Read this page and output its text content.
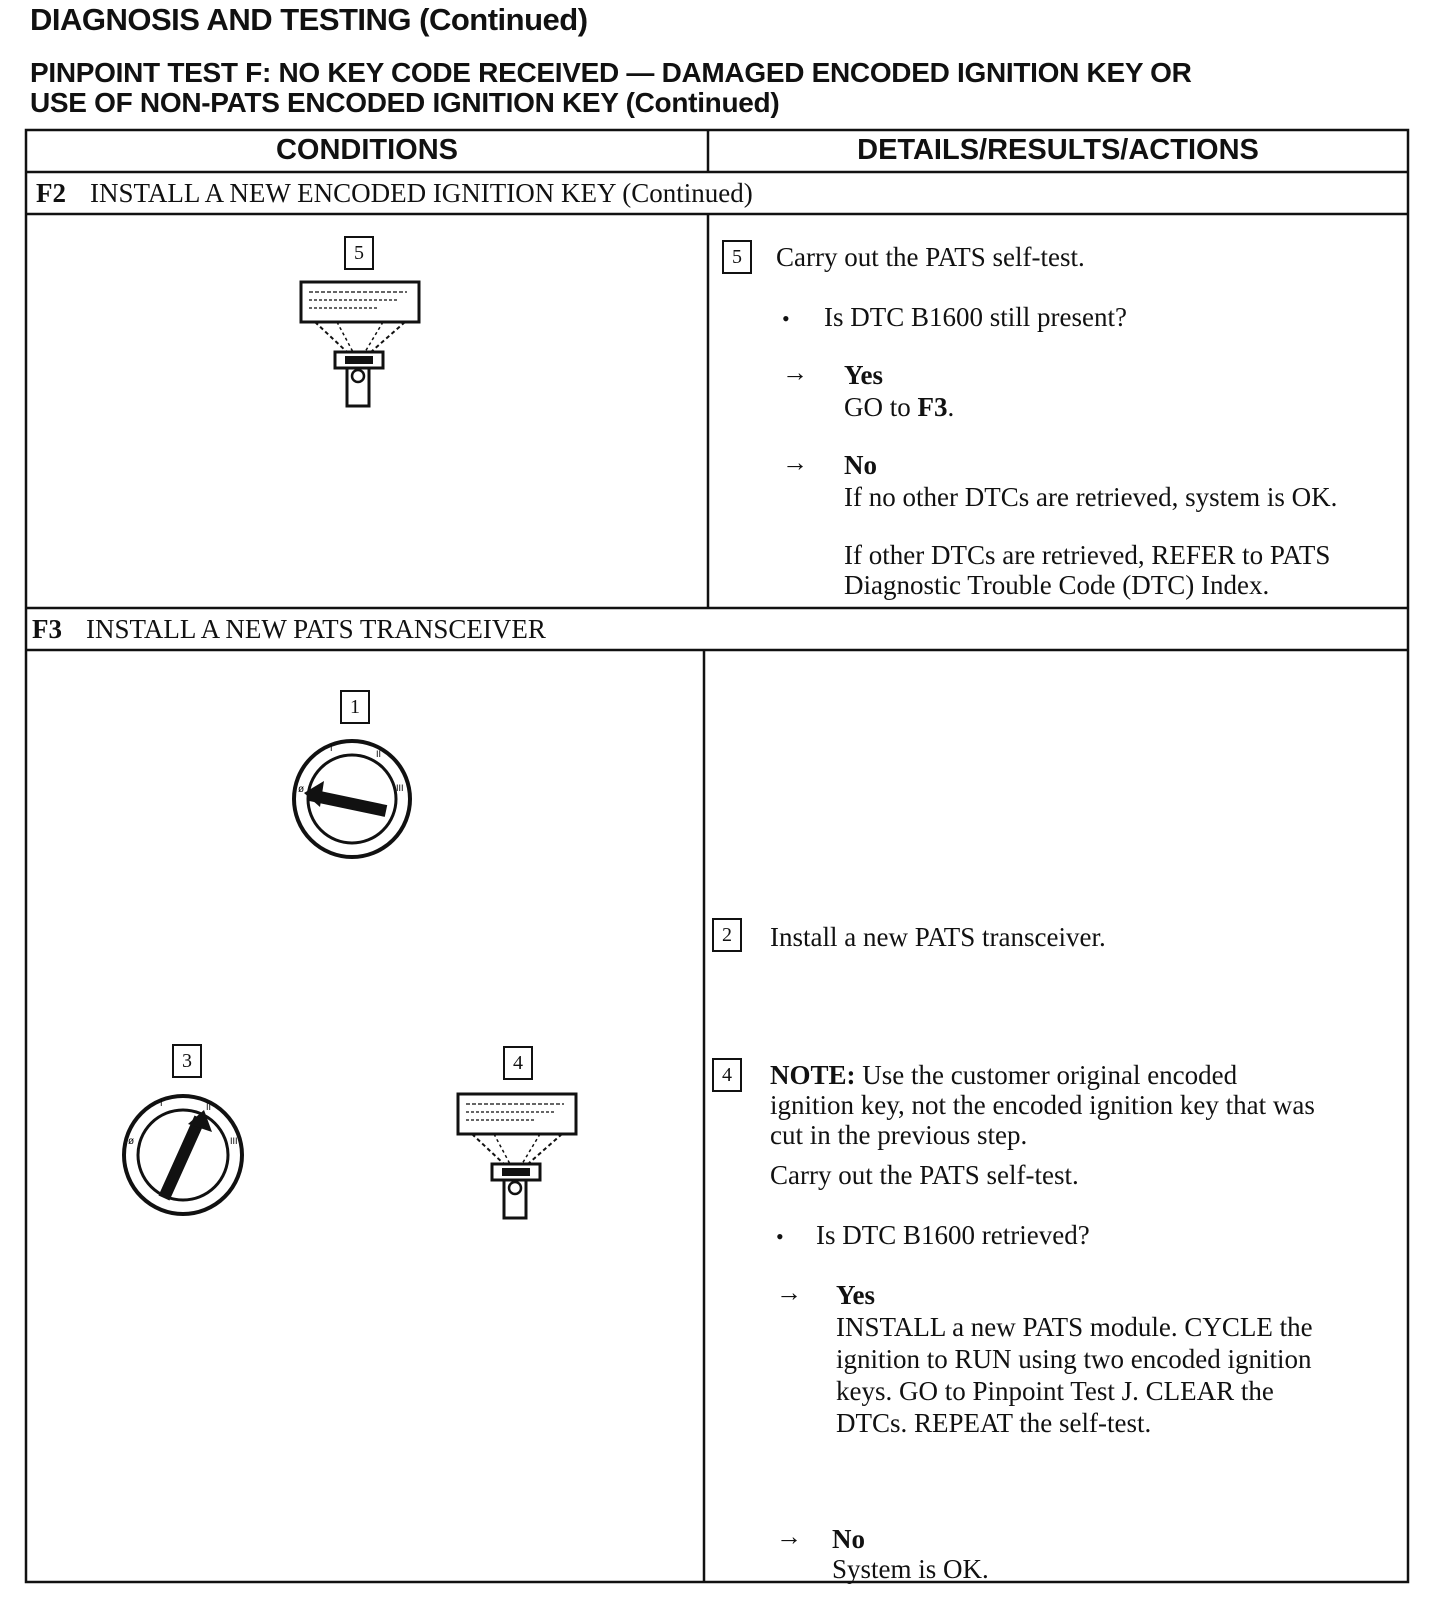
DIAGNOSIS AND TESTING (Continued)
PINPOINT TEST F: NO KEY CODE RECEIVED — DAMAGED ENCODED IGNITION KEY OR
USE OF NON-PATS ENCODED IGNITION KEY (Continued)
CONDITIONS	DETAILS/RESULTS/ACTIONS
F2 INSTALL A NEW ENCODED IGNITION KEY (Continued)
5	5	Carry out the PATS self-test.
• Is DTC B1600 still present?
→ Yes
GO to F3.
→ No
If no other DTCs are retrieved, system is OK.
If other DTCs are retrieved, REFER to PATS
Diagnostic Trouble Code (DTC) Index.
F3 INSTALL A NEW PATS TRANSCEIVER
1
ø
I
II
III
3
ø
I	II
III
4
2	Install a new PATS transceiver.
4	NOTE: Use the customer original encoded
ignition key, not the encoded ignition key that was
cut in the previous step.
Carry out the PATS self-test.
• Is DTC B1600 retrieved?
→ Yes
INSTALL a new PATS module. CYCLE the
ignition to RUN using two encoded ignition
keys. GO to Pinpoint Test J. CLEAR the
DTCs. REPEAT the self-test.
→ No
System is OK.
